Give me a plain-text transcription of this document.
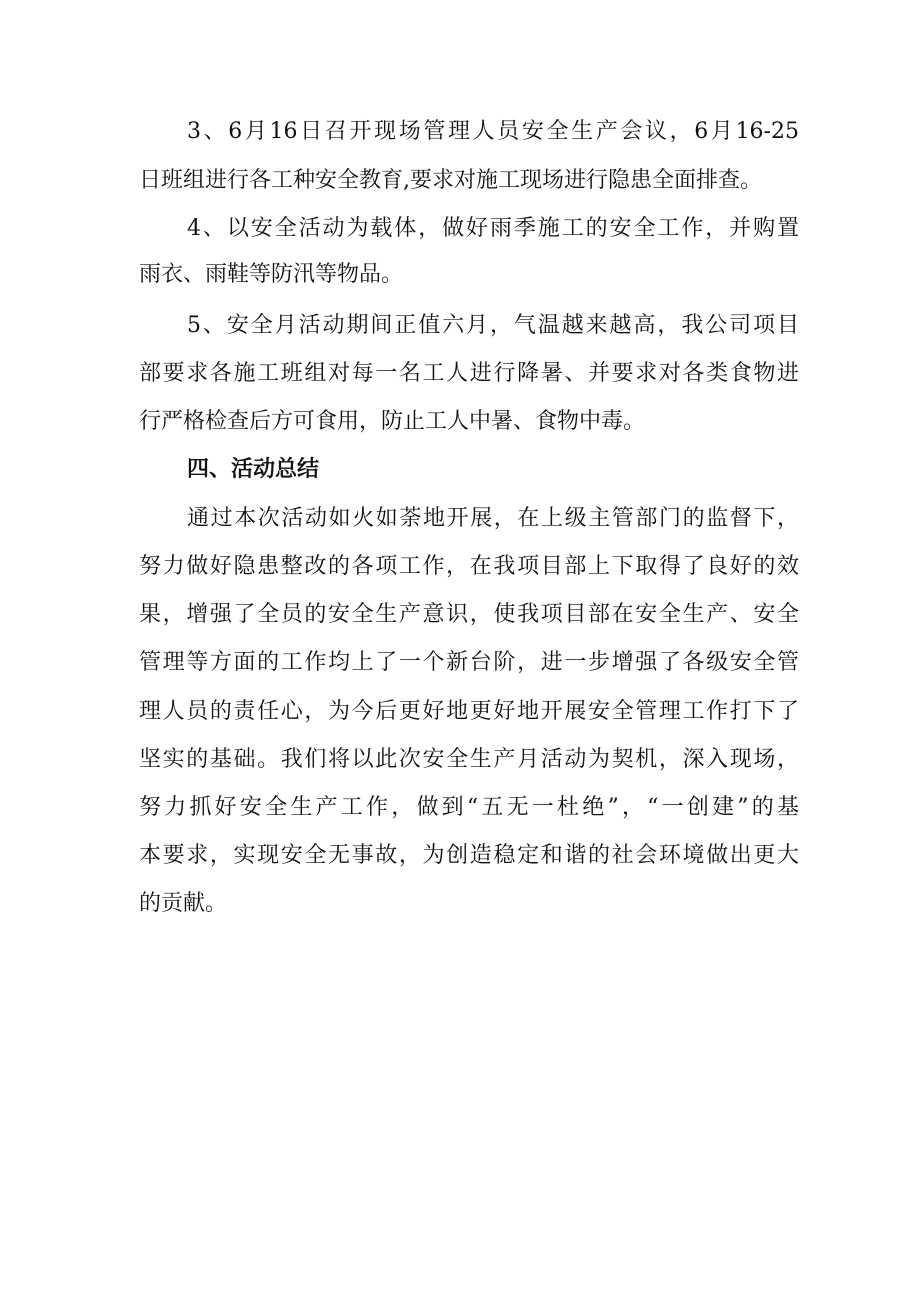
3、6月16日召开现场管理人员安全生产会议，6月16-25
日班组进行各工种安全教育,要求对施工现场进行隐患全面排查。
4、以安全活动为载体，做好雨季施工的安全工作，并购置
雨衣、雨鞋等防汛等物品。
5、安全月活动期间正值六月，气温越来越高，我公司项目
部要求各施工班组对每一名工人进行降暑、并要求对各类食物进
行严格检查后方可食用，防止工人中暑、食物中毒。
四、活动总结
通过本次活动如火如荼地开展，在上级主管部门的监督下，
努力做好隐患整改的各项工作，在我项目部上下取得了良好的效
果，增强了全员的安全生产意识，使我项目部在安全生产、安全
管理等方面的工作均上了一个新台阶，进一步增强了各级安全管
理人员的责任心，为今后更好地更好地开展安全管理工作打下了
坚实的基础。我们将以此次安全生产月活动为契机，深入现场，
努力抓好安全生产工作，做到“五无一杜绝”，“一创建”的基
本要求，实现安全无事故，为创造稳定和谐的社会环境做出更大
的贡献。
